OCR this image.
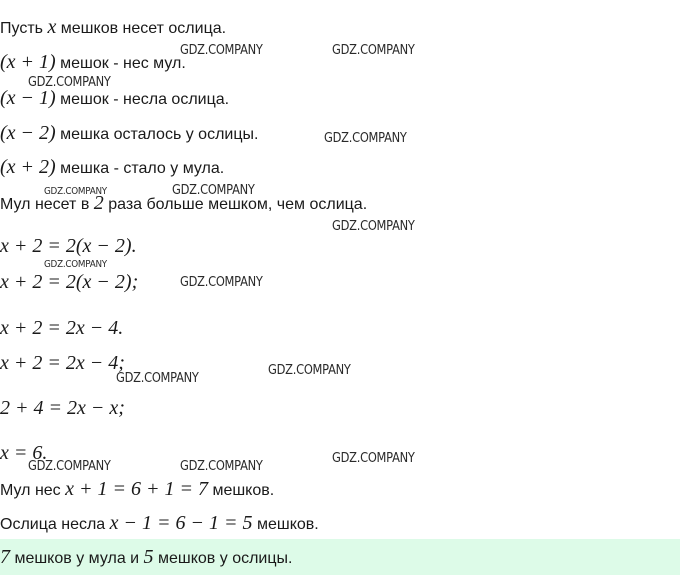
Пусть x мешков несет ослица.
(x + 1) мешок - нес мул.
(x − 1) мешок - несла ослица.
(x − 2) мешка осталось у ослицы.
(x + 2) мешка - стало у мула.
Мул несет в 2 раза больше мешком, чем ослица.
x + 2 = 2(x − 2).
x + 2 = 2(x − 2);
x + 2 = 2x − 4.
x + 2 = 2x − 4;
2 + 4 = 2x − x;
x = 6.
Мул нес x + 1 = 6 + 1 = 7 мешков.
Ослица несла x − 1 = 6 − 1 = 5 мешков.
7 мешков у мула и 5 мешков у ослицы.
GDZ.COMPANY	GDZ.COMPANY
GDZ.COMPANY
GDZ.COMPANY
GDZ.COMPANY	GDZ.COMPANY
GDZ.COMPANY
GDZ.COMPANY
GDZ.COMPANY
GDZ.COMPANY
GDZ.COMPANY
GDZ.COMPANY
GDZ.COMPANY	GDZ.COMPANY
